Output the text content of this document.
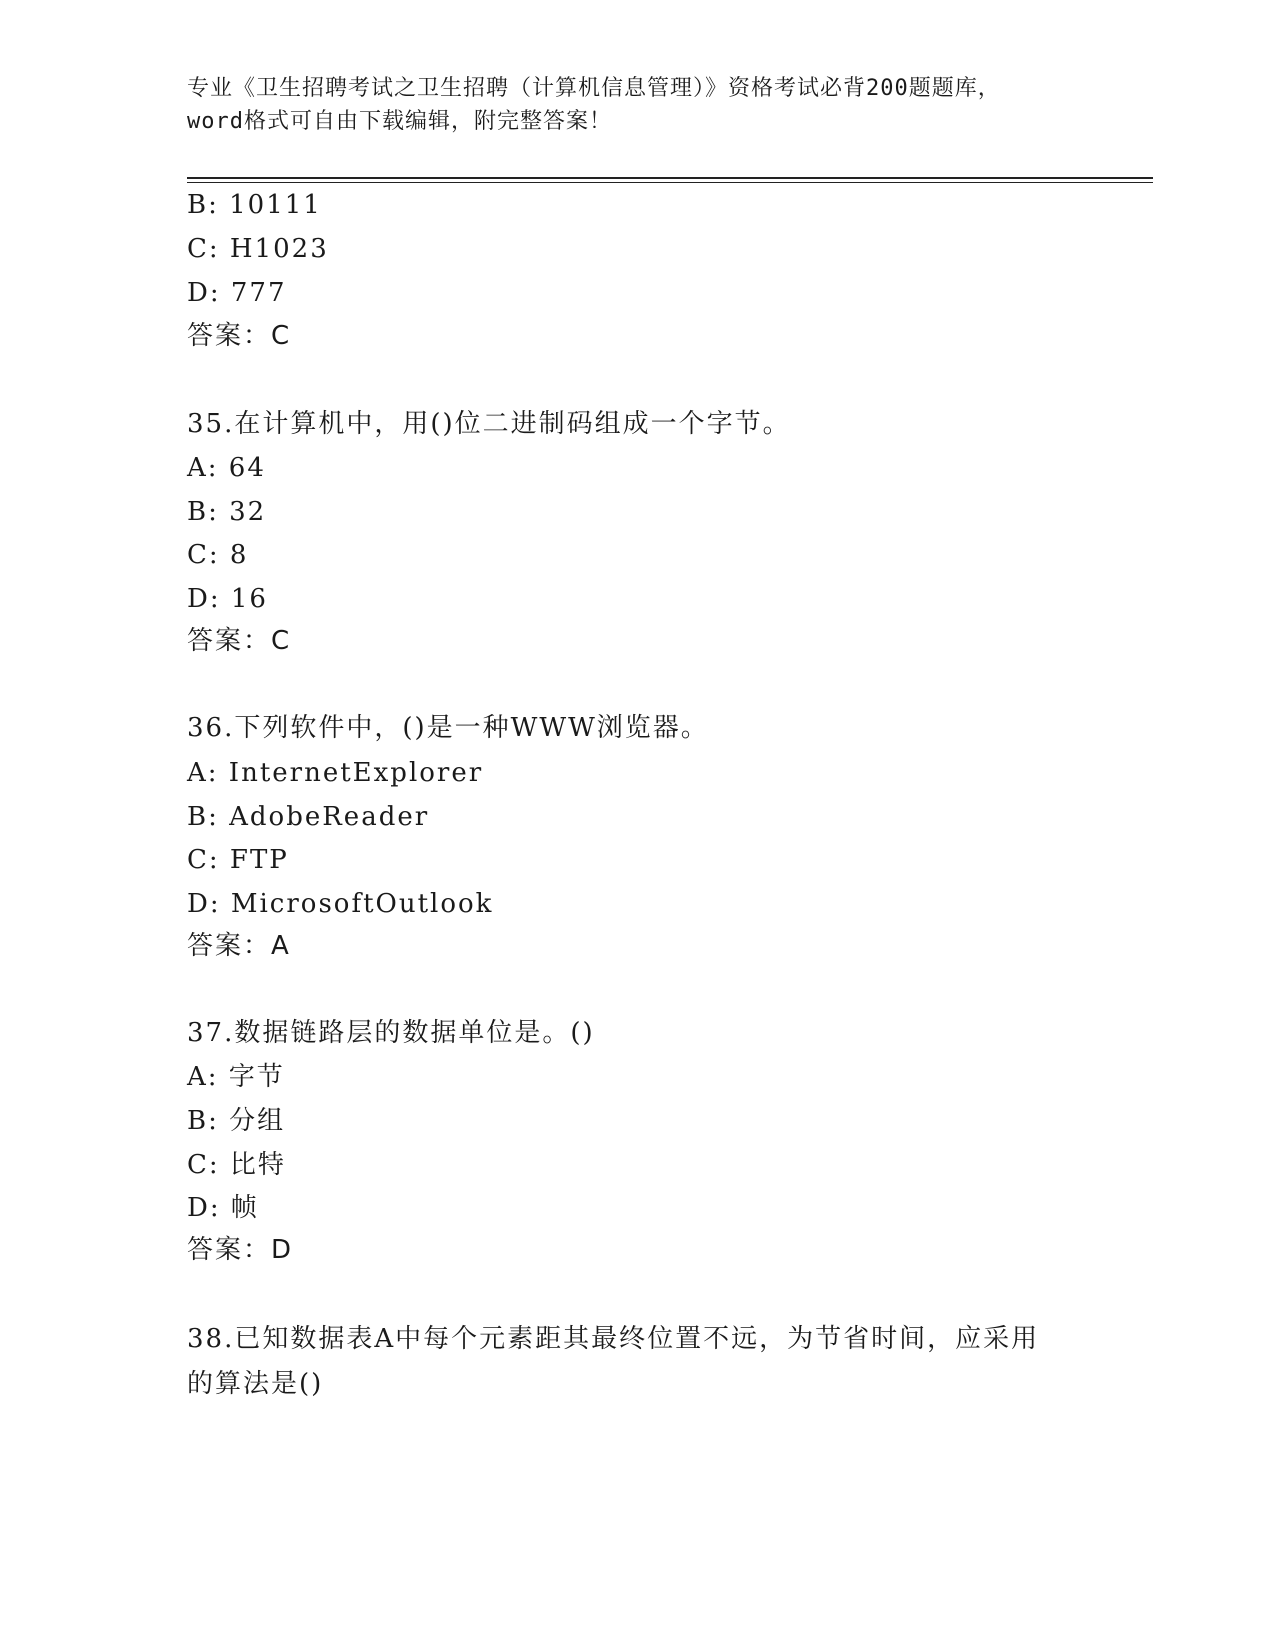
专业《卫生招聘考试之卫生招聘（计算机信息管理）》资格考试必背200题题库，
word格式可自由下载编辑，附完整答案！
B: 10111
C: H1023
D: 777
答案：C
35.在计算机中，用()位二进制码组成一个字节。
A: 64
B: 32
C: 8
D: 16
答案：C
36.下列软件中，()是一种WWW浏览器。
A: InternetExplorer
B: AdobeReader
C: FTP
D: MicrosoftOutlook
答案：A
37.数据链路层的数据单位是。()
A: 字节
B: 分组
C: 比特
D: 帧
答案：D
38.已知数据表A中每个元素距其最终位置不远，为节省时间，应采用的算法是()
